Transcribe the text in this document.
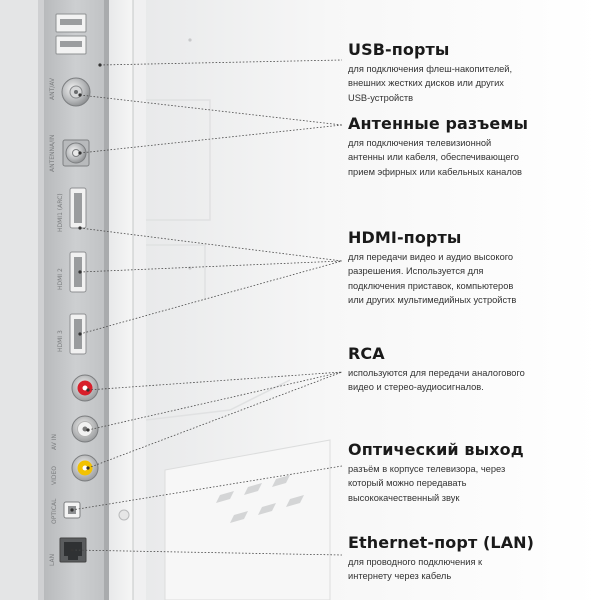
ANT/AV
ANTENNA/IN
HDMI1 (ARC)
HDMI 2
HDMI 3
AV IN
VIDEO
OPTICAL
LAN
USB-порты
для подключения флеш-накопителей,
внешних жестких дисков или других
USB-устройств
Антенные разъемы
для подключения телевизионной
антенны или кабеля, обеспечивающего
прием эфирных или кабельных каналов
HDMI-порты
для передачи видео и аудио высокого
разрешения. Используется для
подключения приставок, компьютеров
или других мультимедийных устройств
RCA
используются для передачи аналогового
видео и стерео-аудиосигналов.
Оптический выход
разъём в корпусе телевизора, через
который можно передавать
высококачественный звук
Ethernet-порт (LAN)
для проводного подключения к
интернету через кабель
